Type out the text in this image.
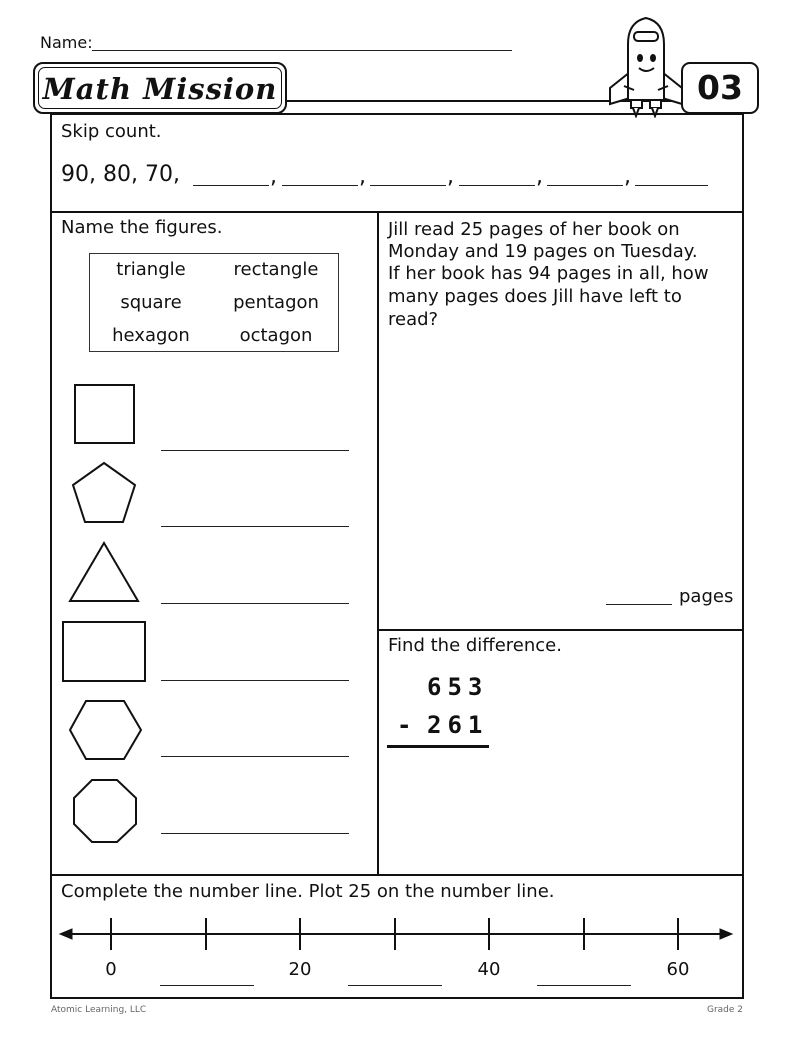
Name:
Math Mission	03
Skip count.
90, 80, 70,	,	,	,	,	,
Name the figures.
triangle	rectangle
square	pentagon
hexagon	octagon
Jill read 25 pages of her book on
Monday and 19 pages on Tuesday.
If her book has 94 pages in all, how
many pages does Jill have left to
read?
pages
Find the difference.
653
- 261
Complete the number line. Plot 25 on the number line.
0	20	40	60
Atomic Learning, LLC	Grade 2
